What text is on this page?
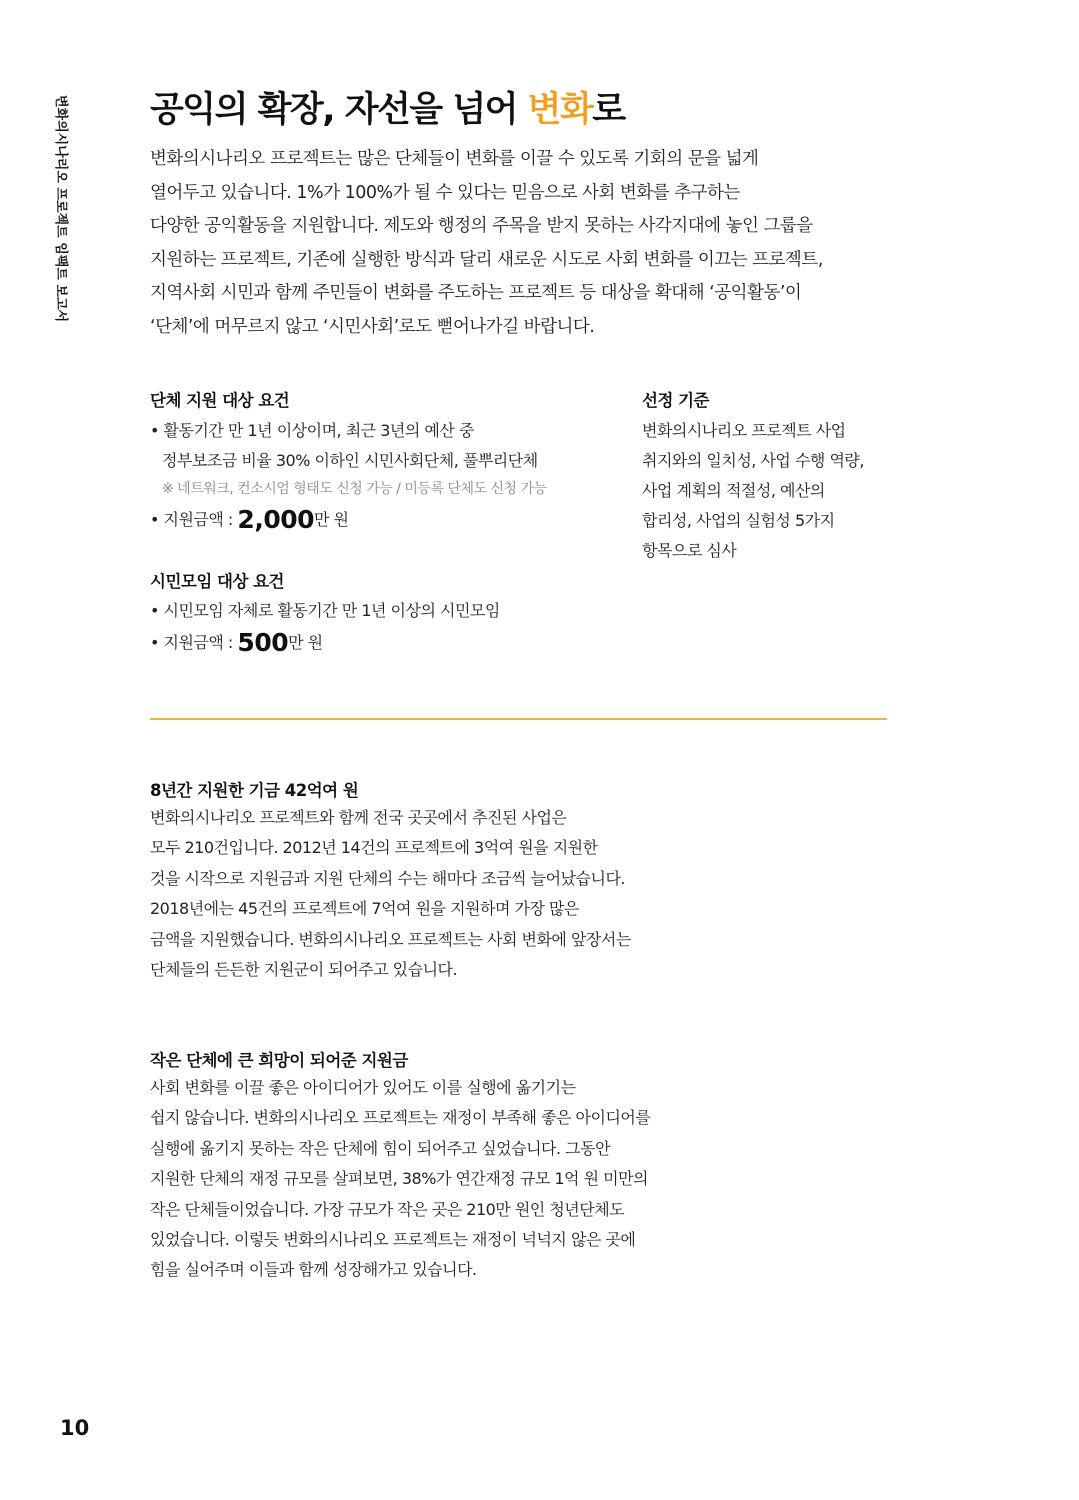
변화의시나리오 프로젝트 임팩트 보고서 공익의 확장, 자선을 넘어 변화로
변화의시나리오 프로젝트는 많은 단체들이 변화를 이끌 수 있도록 기회의 문을 넓게
열어두고 있습니다. 1%가 100%가 될 수 있다는 믿음으로 사회 변화를 추구하는
다양한 공익활동을 지원합니다. 제도와 행정의 주목을 받지 못하는 사각지대에 놓인 그룹을
지원하는 프로젝트, 기존에 실행한 방식과 달리 새로운 시도로 사회 변화를 이끄는 프로젝트,
지역사회 시민과 함께 주민들이 변화를 주도하는 프로젝트 등 대상을 확대해 ‘공익활동’이
‘단체’에 머무르지 않고 ‘시민사회’로도 뻗어나가길 바랍니다.
단체 지원 대상 요건
• 활동기간 만 1년 이상이며, 최근 3년의 예산 중
정부보조금 비율 30% 이하인 시민사회단체, 풀뿌리단체
※ 네트워크, 컨소시엄 형태도 신청 가능 / 미등록 단체도 신청 가능
• 지원금액 : 2,000만 원
시민모임 대상 요건
• 시민모임 자체로 활동기간 만 1년 이상의 시민모임
• 지원금액 : 500만 원
선정 기준
변화의시나리오 프로젝트 사업
취지와의 일치성, 사업 수행 역량,
사업 계획의 적절성, 예산의
합리성, 사업의 실험성 5가지
항목으로 심사
8년간 지원한 기금 42억여 원
변화의시나리오 프로젝트와 함께 전국 곳곳에서 추진된 사업은
모두 210건입니다. 2012년 14건의 프로젝트에 3억여 원을 지원한
것을 시작으로 지원금과 지원 단체의 수는 해마다 조금씩 늘어났습니다.
2018년에는 45건의 프로젝트에 7억여 원을 지원하며 가장 많은
금액을 지원했습니다. 변화의시나리오 프로젝트는 사회 변화에 앞장서는
단체들의 든든한 지원군이 되어주고 있습니다.
작은 단체에 큰 희망이 되어준 지원금
사회 변화를 이끌 좋은 아이디어가 있어도 이를 실행에 옮기기는
쉽지 않습니다. 변화의시나리오 프로젝트는 재정이 부족해 좋은 아이디어를
실행에 옮기지 못하는 작은 단체에 힘이 되어주고 싶었습니다. 그동안
지원한 단체의 재정 규모를 살펴보면, 38%가 연간재정 규모 1억 원 미만의
작은 단체들이었습니다. 가장 규모가 작은 곳은 210만 원인 청년단체도
있었습니다. 이렇듯 변화의시나리오 프로젝트는 재정이 넉넉지 않은 곳에
힘을 실어주며 이들과 함께 성장해가고 있습니다.
10
